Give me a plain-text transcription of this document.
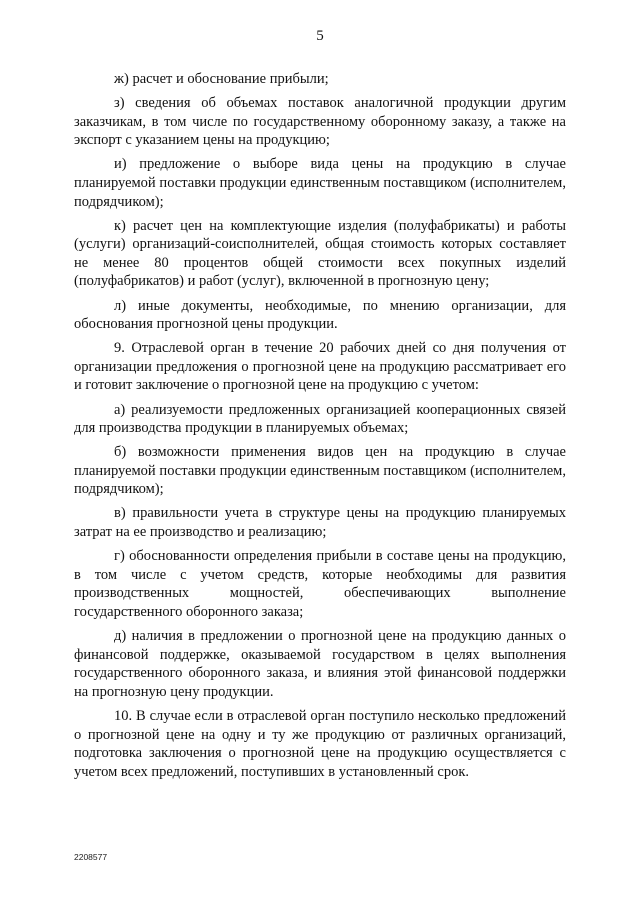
5

ж) расчет и обоснование прибыли;

з) сведения об объемах поставок аналогичной продукции другим заказчикам, в том числе по государственному оборонному заказу, а также на экспорт с указанием цены на продукцию;

и) предложение о выборе вида цены на продукцию в случае планируемой поставки продукции единственным поставщиком (исполнителем, подрядчиком);

к) расчет цен на комплектующие изделия (полуфабрикаты) и работы (услуги) организаций-соисполнителей, общая стоимость которых составляет не менее 80 процентов общей стоимости всех покупных изделий (полуфабрикатов) и работ (услуг), включенной в прогнозную цену;

л) иные документы, необходимые, по мнению организации, для обоснования прогнозной цены продукции.

9. Отраслевой орган в течение 20 рабочих дней со дня получения от организации предложения о прогнозной цене на продукцию рассматривает его и готовит заключение о прогнозной цене на продукцию с учетом:

а) реализуемости предложенных организацией кооперационных связей для производства продукции в планируемых объемах;

б) возможности применения видов цен на продукцию в случае планируемой поставки продукции единственным поставщиком (исполнителем, подрядчиком);

в) правильности учета в структуре цены на продукцию планируемых затрат на ее производство и реализацию;

г) обоснованности определения прибыли в составе цены на продукцию, в том числе с учетом средств, которые необходимы для развития производственных мощностей, обеспечивающих выполнение государственного оборонного заказа;

д) наличия в предложении о прогнозной цене на продукцию данных о финансовой поддержке, оказываемой государством в целях выполнения государственного оборонного заказа, и влияния этой финансовой поддержки на прогнозную цену продукции.

10. В случае если в отраслевой орган поступило несколько предложений о прогнозной цене на одну и ту же продукцию от различных организаций, подготовка заключения о прогнозной цене на продукцию осуществляется с учетом всех предложений, поступивших в установленный срок.

2208577
